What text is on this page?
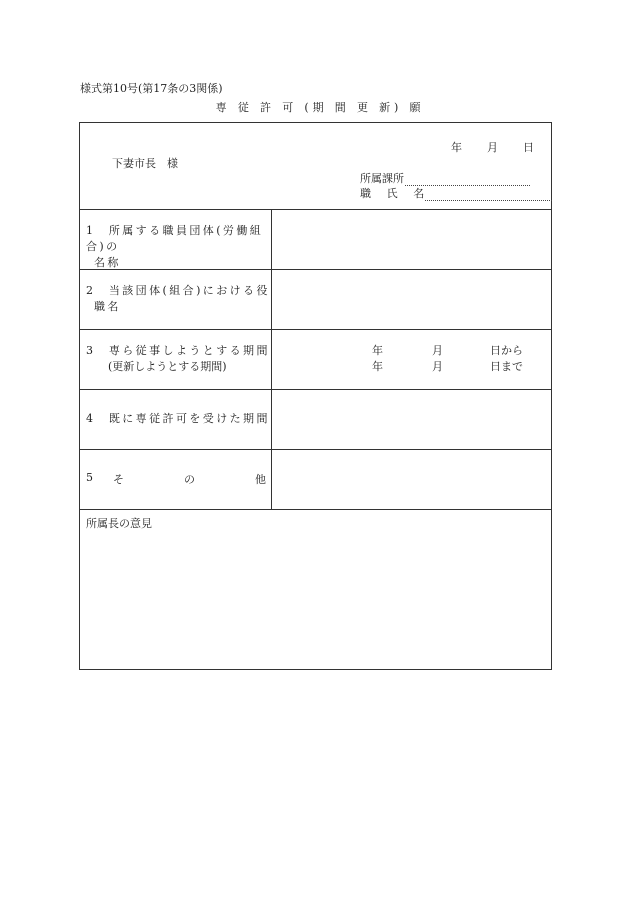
様式第10号(第17条の3関係)
専 従 許 可 (期 間 更 新) 願
年	月	日
下妻市長　様
所属課所
職 氏 名
1　所属する職員団体(労働組合)の
名称
2　当該団体(組合)における役
職名
3　専ら従事しようとする期間
(更新しようとする期間)
年	月	日から
年	月	日まで
4　既に専従許可を受けた期間
5 そ	の	他
所属長の意見
